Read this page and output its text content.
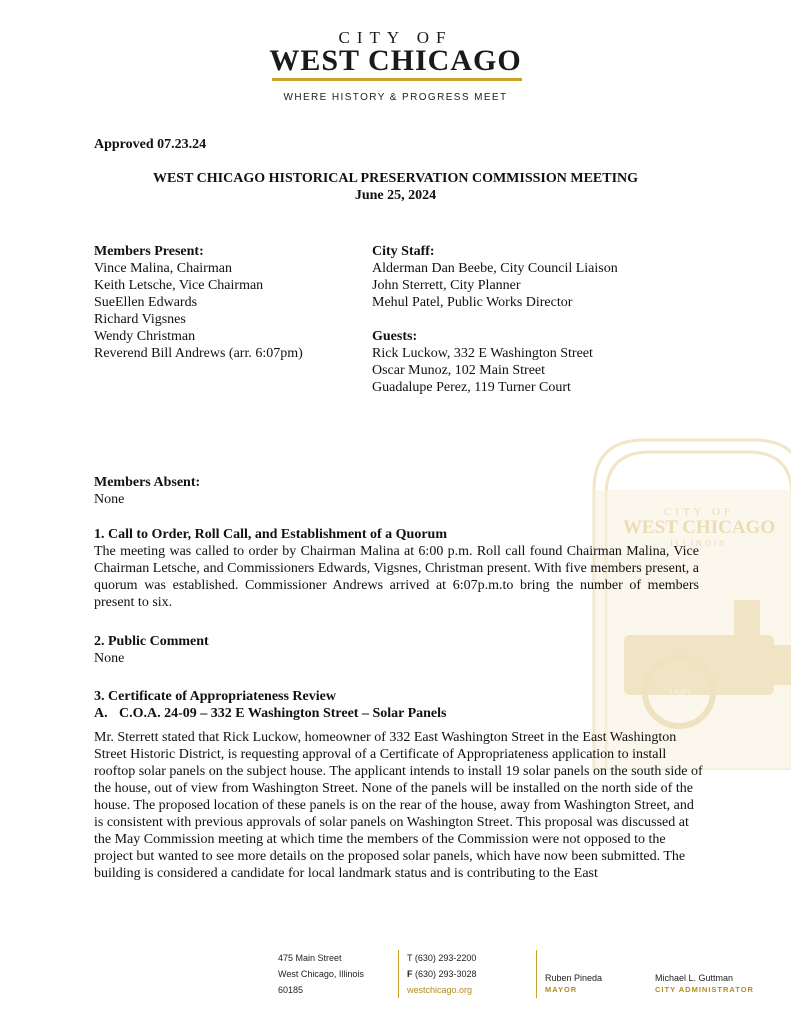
CITY OF
WEST CHICAGO
WHERE HISTORY & PROGRESS MEET
CITY OF
WEST CHICAGO
ILLINOIS
1849
Approved 07.23.24
WEST CHICAGO HISTORICAL PRESERVATION COMMISSION MEETING
June 25, 2024
Members Present:
Vince Malina, Chairman
Keith Letsche, Vice Chairman
SueEllen Edwards
Richard Vigsnes
Wendy Christman
Reverend Bill Andrews (arr. 6:07pm)
City Staff:
Alderman Dan Beebe, City Council Liaison
John Sterrett, City Planner
Mehul Patel, Public Works Director
Guests:
Rick Luckow, 332 E Washington Street
Oscar Munoz, 102 Main Street
Guadalupe Perez, 119 Turner Court
Members Absent:
None
1. Call to Order, Roll Call, and Establishment of a Quorum
The meeting was called to order by Chairman Malina at 6:00 p.m. Roll call found Chairman Malina, Vice Chairman Letsche, and Commissioners Edwards, Vigsnes, Christman present. With five members present, a quorum was established. Commissioner Andrews arrived at 6:07p.m.to bring the number of members present to six.
2. Public Comment
None
3. Certificate of Appropriateness Review
A. C.O.A. 24-09 – 332 E Washington Street – Solar Panels
Mr. Sterrett stated that Rick Luckow, homeowner of 332 East Washington Street in the East Washington Street Historic District, is requesting approval of a Certificate of Appropriateness application to install rooftop solar panels on the subject house. The applicant intends to install 19 solar panels on the south side of the house, out of view from Washington Street. None of the panels will be installed on the north side of the house. The proposed location of these panels is on the rear of the house, away from Washington Street, and is consistent with previous approvals of solar panels on Washington Street. This proposal was discussed at the May Commission meeting at which time the members of the Commission were not opposed to the project but wanted to see more details on the proposed solar panels, which have now been submitted. The building is considered a candidate for local landmark status and is contributing to the East
475 Main Street
West Chicago, Illinois
60185
T (630) 293-2200
F (630) 293-3028
westchicago.org
Ruben Pineda
MAYOR
Michael L. Guttman
CITY ADMINISTRATOR
